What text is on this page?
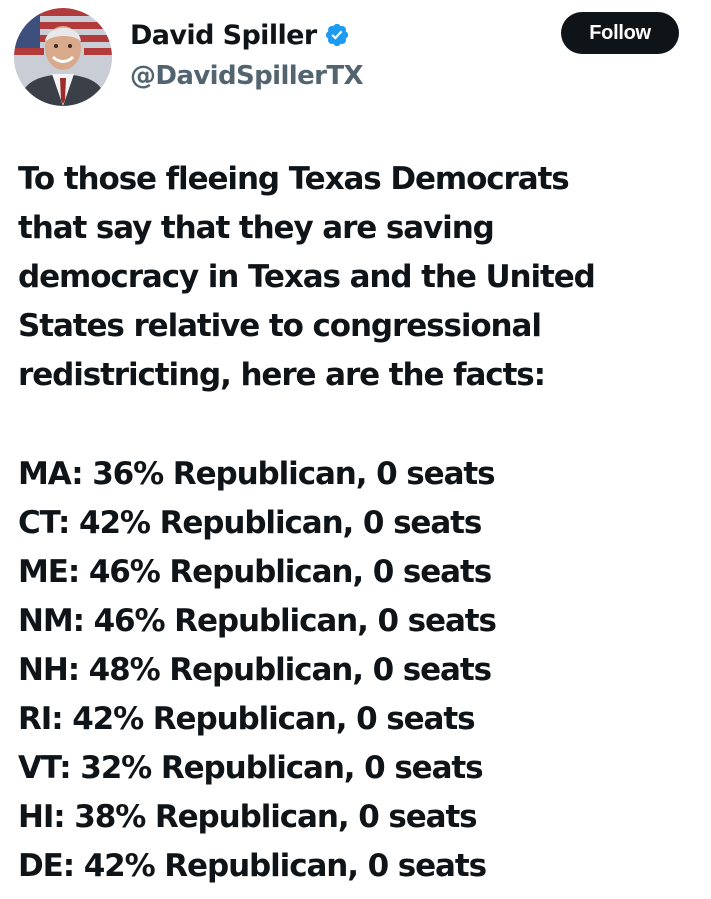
David Spiller
@DavidSpillerTX
Follow

To those fleeing Texas Democrats
that say that they are saving
democracy in Texas and the United
States relative to congressional
redistricting, here are the facts:

MA: 36% Republican, 0 seats
CT: 42% Republican, 0 seats
ME: 46% Republican, 0 seats
NM: 46% Republican, 0 seats
NH: 48% Republican, 0 seats
RI: 42% Republican, 0 seats
VT: 32% Republican, 0 seats
HI: 38% Republican, 0 seats
DE: 42% Republican, 0 seats
